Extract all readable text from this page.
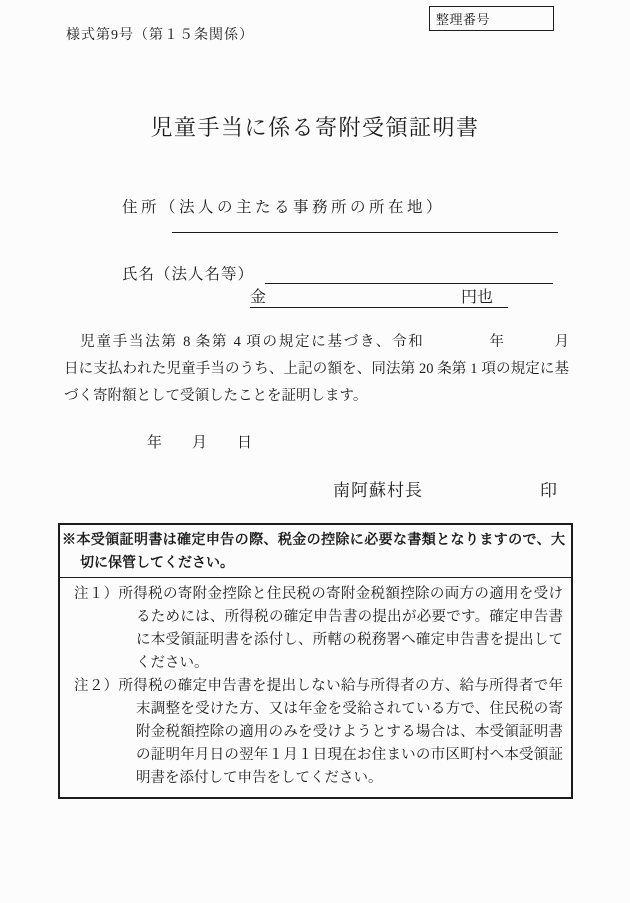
様式第9号（第１５条関係）
整理番号
児童手当に係る寄附受領証明書
住所（法人の主たる事務所の所在地）
氏名（法人名等）
金	円也
　児童手当法第 8 条第 4 項の規定に基づき、令和　　　　年　　　月　　　日に支払われた児童手当のうち、上記の額を、同法第 20 条第 1 項の規定に基づく寄附額として受領したことを証明します。
年　　月　　日
南阿蘇村長	印
※本受領証明書は確定申告の際、税金の控除に必要な書類となりますので、大切に保管してください。
注１）所得税の寄附金控除と住民税の寄附金税額控除の両方の適用を受けるためには、所得税の確定申告書の提出が必要です。確定申告書に本受領証明書を添付し、所轄の税務署へ確定申告書を提出してください。
注２）所得税の確定申告書を提出しない給与所得者の方、給与所得者で年末調整を受けた方、又は年金を受給されている方で、住民税の寄附金税額控除の適用のみを受けようとする場合は、本受領証明書の証明年月日の翌年１月１日現在お住まいの市区町村へ本受領証明書を添付して申告をしてください。
